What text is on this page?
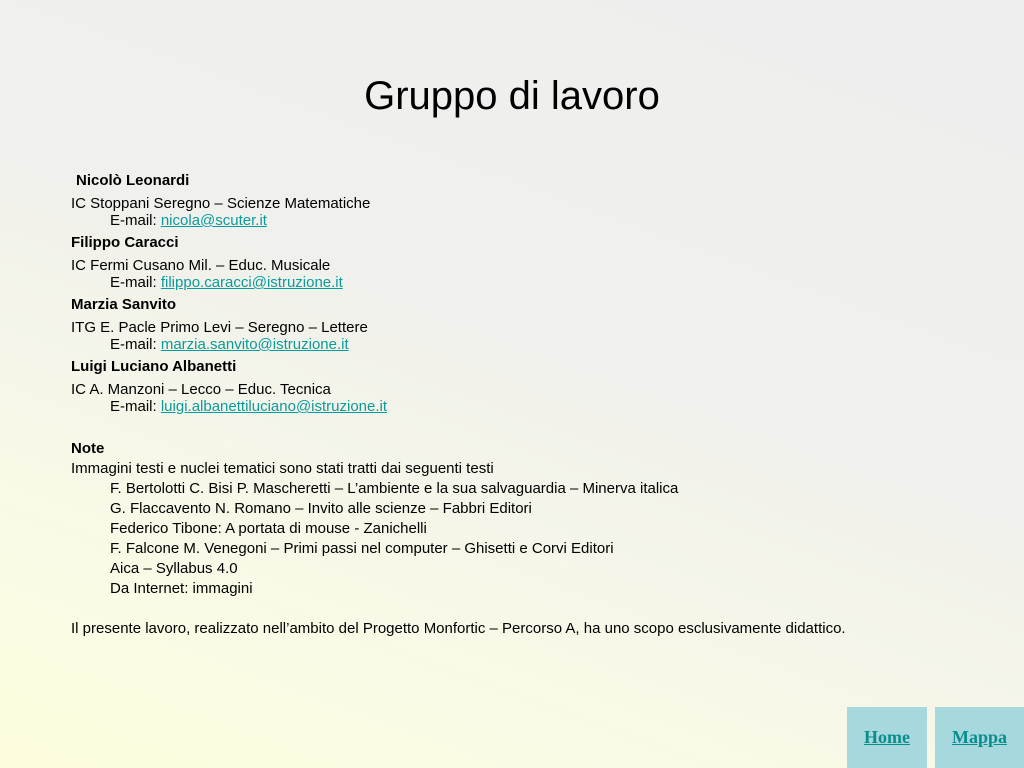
Gruppo di lavoro
Nicolò Leonardi
IC Stoppani Seregno – Scienze Matematiche
E-mail: nicola@scuter.it
Filippo Caracci
IC Fermi Cusano Mil. – Educ. Musicale
E-mail: filippo.caracci@istruzione.it
Marzia Sanvito
ITG E. Pacle Primo Levi – Seregno – Lettere
E-mail: marzia.sanvito@istruzione.it
Luigi Luciano Albanetti
IC A. Manzoni – Lecco – Educ. Tecnica
E-mail: luigi.albanettiluciano@istruzione.it
Note
Immagini testi e nuclei tematici sono stati tratti dai seguenti testi
F. Bertolotti C. Bisi P. Mascheretti – L’ambiente e la sua salvaguardia – Minerva italica
G. Flaccavento N. Romano – Invito alle scienze – Fabbri Editori
Federico Tibone: A portata di mouse - Zanichelli
F. Falcone M. Venegoni – Primi passi nel computer – Ghisetti e Corvi Editori
Aica – Syllabus 4.0
Da Internet: immagini
Il presente lavoro, realizzato nell’ambito del Progetto Monfortic – Percorso A, ha uno scopo esclusivamente didattico.
Home	Mappa
